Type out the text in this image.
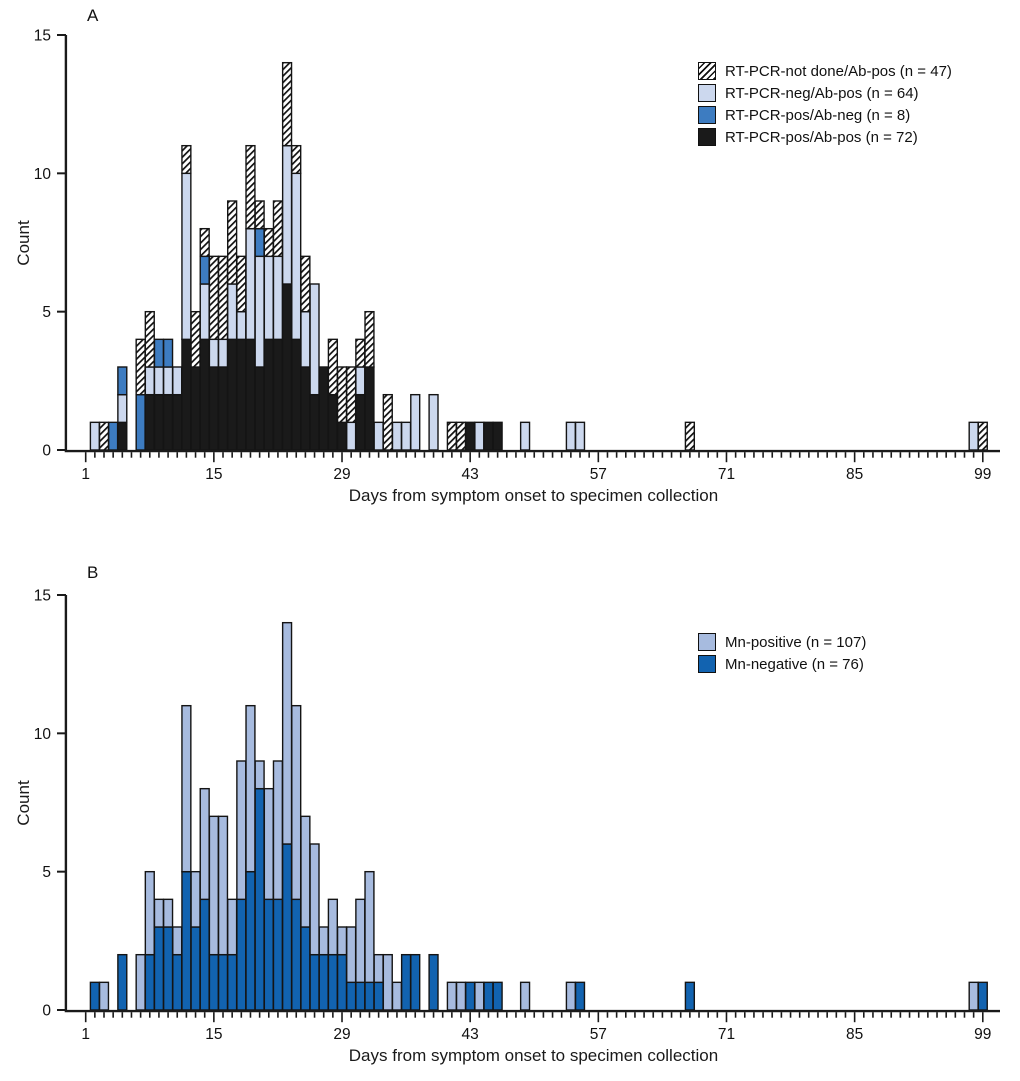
0
5
10
15
1	15	29	43	57	71	85	99
0
5
10
15
1	15	29	43	57	71	85	99
A
B
Count
Count
Days from symptom onset to specimen collection
Days from symptom onset to specimen collection
RT-PCR-not done/Ab-pos (n = 47)
RT-PCR-neg/Ab-pos (n = 64)
RT-PCR-pos/Ab-neg (n = 8)
RT-PCR-pos/Ab-pos (n = 72)
Mn-positive (n = 107)
Mn-negative (n = 76)
